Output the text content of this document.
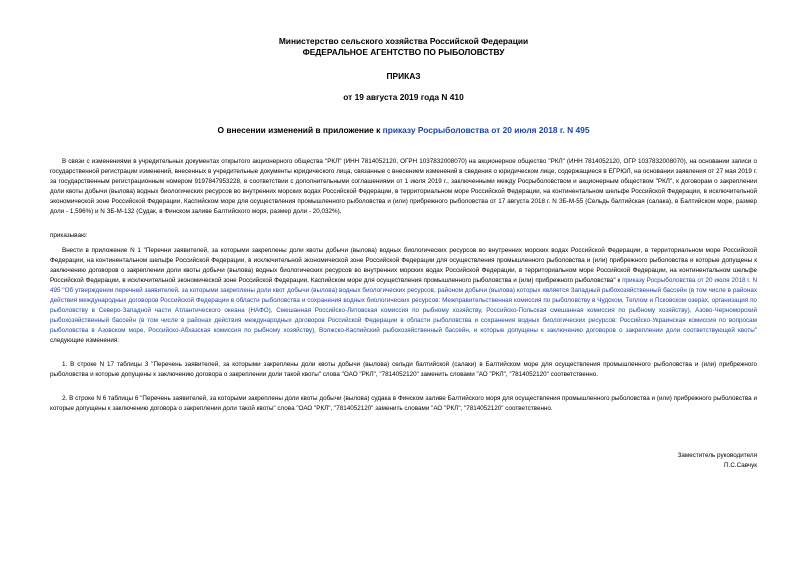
Министерство сельского хозяйства Российской Федерации
ФЕДЕРАЛЬНОЕ АГЕНТСТВО ПО РЫБОЛОВСТВУ
ПРИКАЗ
от 19 августа 2019 года N 410
О внесении изменений в приложение к приказу Росрыболовства от 20 июля 2018 г. N 495

В связи с изменениями в учредительных документах открытого акционерного общества "РКЛ" (ИНН 7814052120, ОГРН 1037832008070) на акционерное общество "РКЛ" (ИНН 7814052120, ОГР 1037832008070), на основании записи о государственной регистрации изменений, внесенных в учредительные документы юридического лица, связанные с внесением изменений в сведения о юридическом лице, содержащиеся в ЕГРЮЛ, на основании заявления от 27 мая 2019 г. за государственным регистрационным номером 9197847953228, в соответствии с дополнительными соглашениями от 1 июля 2019 г., заключенными между Росрыболовством и акционерным обществом "РКЛ", к договорам о закреплении доли квоты добычи (вылова) водных биологических ресурсов во внутренних морских водах Российской Федерации, в территориальном море Российской Федерации, на континентальном шельфе Российской Федерации, в исключительной экономической зоне Российской Федерации, Каспийском море для осуществления промышленного рыболовства и (или) прибрежного рыболовства от 17 августа 2018 г. N ЗБ-М-55 (Сельдь балтийская (салака), в Балтийском море, размер доли - 1,596%) и N ЗБ-М-132 (Судак, в Финском заливе Балтийского моря, размер доли - 20,032%),

приказываю:

Внести в приложение N 1 "Перечни заявителей, за которыми закреплены доли квоты добычи (вылова) водных биологических ресурсов во внутренних морских водах Российской Федерации, в территориальном море Российской Федерации, на континентальном шельфе Российской Федерации, в исключительной экономической зоне Российской Федерации для осуществления промышленного рыболовства и (или) прибрежного рыболовства и которые допущены к заключению договоров о закреплении доли квоты добычи (вылова) водных биологических ресурсов во внутренних морских водах Российской Федерации, в территориальном море Российской Федерации, на континентальном шельфе Российской Федерации, в исключительной экономической зоне Российской Федерации, Каспийском море для осуществления промышленного рыболовства и (или) прибрежного рыболовства" к приказу Росрыболовства от 20 июля 2018 г. N 495 "Об утверждении перечней заявителей, за которыми закреплены доли квот добычи (вылова) водных биологических ресурсов, районом добычи (вылова) которых является Западный рыбохозяйственный бассейн (в том числе в районах действия международных договоров Российской Федерации в области рыболовства и сохранения водных биологических ресурсов: Межправительственная комиссия по рыболовству в Чудском, Теплом и Псковском озерах, организация по рыболовству в Северо-Западной части Атлантического океана (НАФО), Смешанная Российско-Литовская комиссия по рыбному хозяйству, Российско-Польская смешанная комиссия по рыбному хозяйству), Азово-Черноморский рыбохозяйственный бассейн (в том числе в районах действия международных договоров Российской Федерации в области рыболовства и сохранения водных биологических ресурсов: Российско-Украинская комиссия по вопросам рыболовства в Азовском море, Российско-Абхазская комиссия по рыбному хозяйству), Волжско-Каспийский рыбохозяйственный бассейн, и которые допущены к заключению договоров о закреплении доли соответствующей квоты" следующие изменения:

1. В строке N 17 таблицы 3 "Перечень заявителей, за которыми закреплены доли квоты добычи (вылова) сельди балтийской (салаки) в Балтийском море для осуществления промышленного рыболовства и (или) прибрежного рыболовства и которые допущены к заключению договора о закреплении доли такой квоты" слова "ОАО "РКЛ", "7814052120" заменить словами "АО "РКЛ", "7814052120" соответственно.

2. В строке N 6 таблицы 6 "Перечень заявителей, за которыми закреплены доли квоты добычи (вылова) судака в Финском заливе Балтийского моря для осуществления промышленного рыболовства и (или) прибрежного рыболовства и которые допущены к заключению договора о закреплении доли такой квоты" слова "ОАО "РКЛ", "7814052120" заменить словами "АО "РКЛ", "7814052120" соответственно.

Заместитель руководителя
П.С.Савчук
